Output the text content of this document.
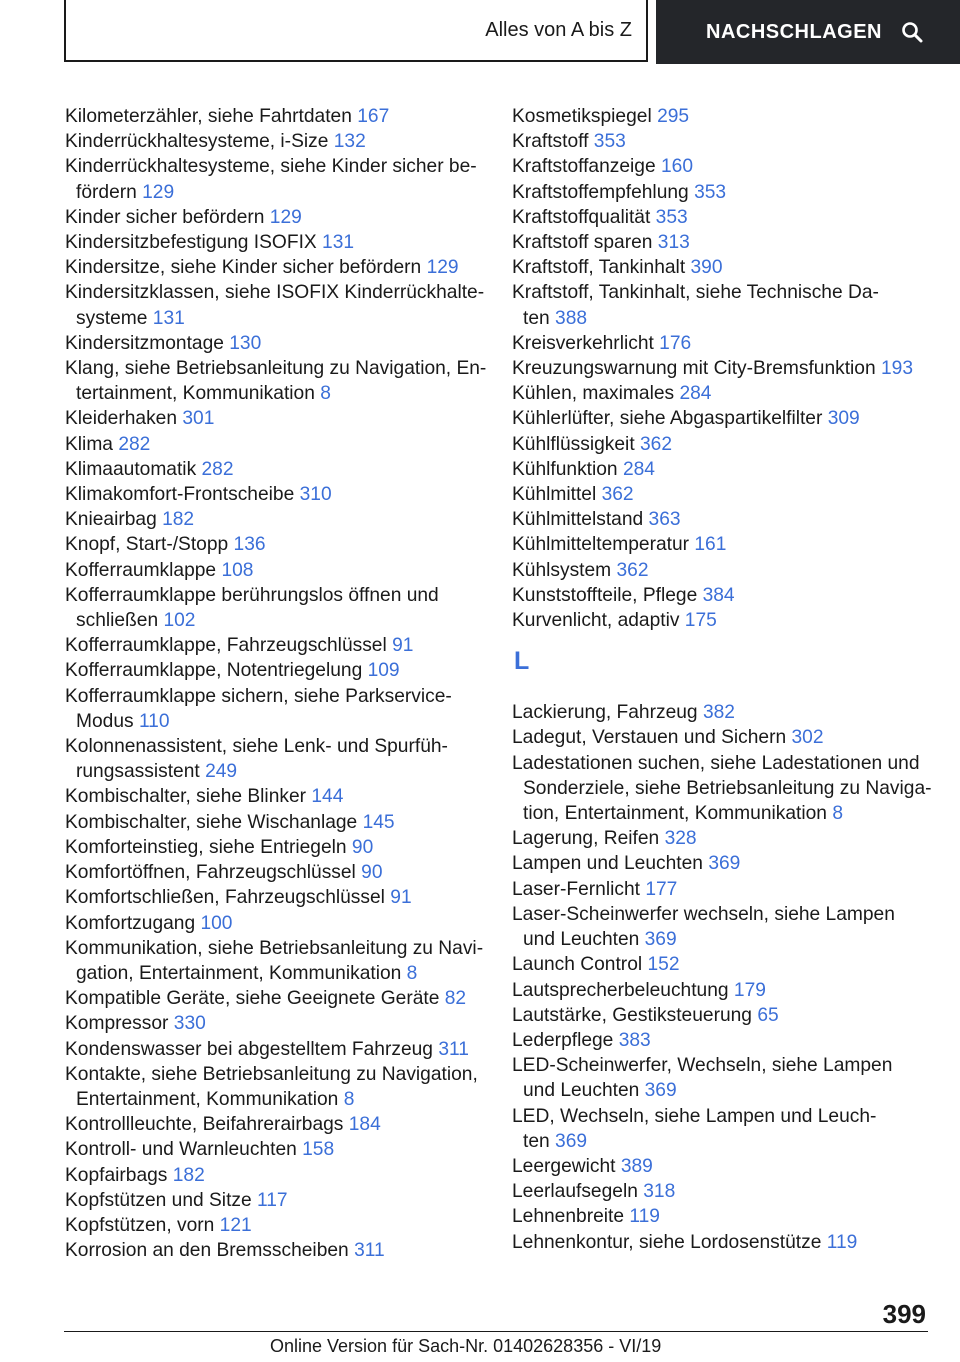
Alles von A bis Z	NACHSCHLAGEN
Kilometerzähler, siehe Fahrtdaten 167
Kinderrückhaltesysteme, i-Size 132
Kinderrückhaltesysteme, siehe Kinder sicher be-
fördern 129
Kinder sicher befördern 129
Kindersitzbefestigung ISOFIX 131
Kindersitze, siehe Kinder sicher befördern 129
Kindersitzklassen, siehe ISOFIX Kinderrückhalte-
systeme 131
Kindersitzmontage 130
Klang, siehe Betriebsanleitung zu Navigation, En-
tertainment, Kommunikation 8
Kleiderhaken 301
Klima 282
Klimaautomatik 282
Klimakomfort-Frontscheibe 310
Knieairbag 182
Knopf, Start-/Stopp 136
Kofferraumklappe 108
Kofferraumklappe berührungslos öffnen und
schließen 102
Kofferraumklappe, Fahrzeugschlüssel 91
Kofferraumklappe, Notentriegelung 109
Kofferraumklappe sichern, siehe Parkservice-
Modus 110
Kolonnenassistent, siehe Lenk- und Spurfüh-
rungsassistent 249
Kombischalter, siehe Blinker 144
Kombischalter, siehe Wischanlage 145
Komforteinstieg, siehe Entriegeln 90
Komfortöffnen, Fahrzeugschlüssel 90
Komfortschließen, Fahrzeugschlüssel 91
Komfortzugang 100
Kommunikation, siehe Betriebsanleitung zu Navi-
gation, Entertainment, Kommunikation 8
Kompatible Geräte, siehe Geeignete Geräte 82
Kompressor 330
Kondenswasser bei abgestelltem Fahrzeug 311
Kontakte, siehe Betriebsanleitung zu Navigation,
Entertainment, Kommunikation 8
Kontrollleuchte, Beifahrerairbags 184
Kontroll- und Warnleuchten 158
Kopfairbags 182
Kopfstützen und Sitze 117
Kopfstützen, vorn 121
Korrosion an den Bremsscheiben 311
Kosmetikspiegel 295
Kraftstoff 353
Kraftstoffanzeige 160
Kraftstoffempfehlung 353
Kraftstoffqualität 353
Kraftstoff sparen 313
Kraftstoff, Tankinhalt 390
Kraftstoff, Tankinhalt, siehe Technische Da-
ten 388
Kreisverkehrlicht 176
Kreuzungswarnung mit City-Bremsfunktion 193
Kühlen, maximales 284
Kühlerlüfter, siehe Abgaspartikelfilter 309
Kühlflüssigkeit 362
Kühlfunktion 284
Kühlmittel 362
Kühlmittelstand 363
Kühlmitteltemperatur 161
Kühlsystem 362
Kunststoffteile, Pflege 384
Kurvenlicht, adaptiv 175
L
Lackierung, Fahrzeug 382
Ladegut, Verstauen und Sichern 302
Ladestationen suchen, siehe Ladestationen und
Sonderziele, siehe Betriebsanleitung zu Naviga-
tion, Entertainment, Kommunikation 8
Lagerung, Reifen 328
Lampen und Leuchten 369
Laser-Fernlicht 177
Laser-Scheinwerfer wechseln, siehe Lampen
und Leuchten 369
Launch Control 152
Lautsprecherbeleuchtung 179
Lautstärke, Gestiksteuerung 65
Lederpflege 383
LED-Scheinwerfer, Wechseln, siehe Lampen
und Leuchten 369
LED, Wechseln, siehe Lampen und Leuch-
ten 369
Leergewicht 389
Leerlaufsegeln 318
Lehnenbreite 119
Lehnenkontur, siehe Lordosenstütze 119
399
Online Version für Sach-Nr. 01402628356 - VI/19
